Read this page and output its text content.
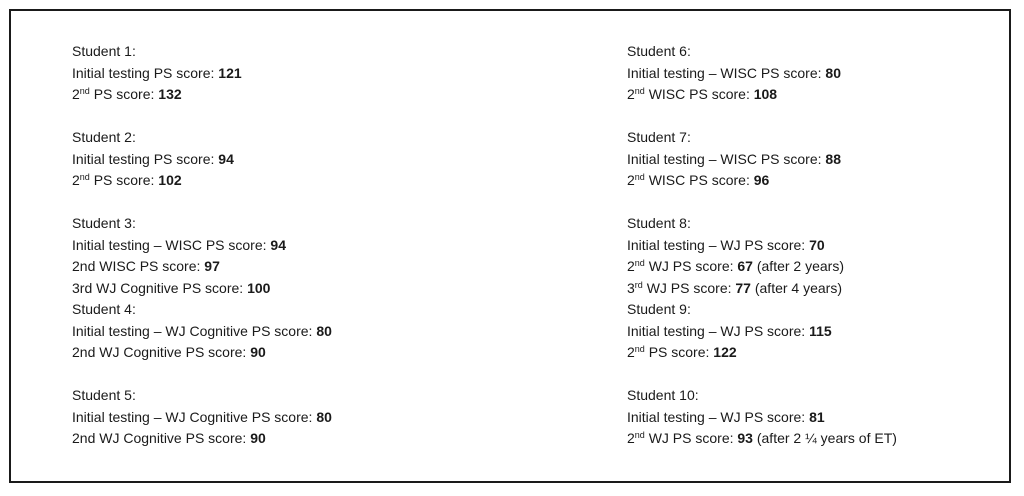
Student 1:
Initial testing PS score: 121
2nd PS score: 132
Student 2:
Initial testing PS score: 94
2nd PS score: 102
Student 3:
Initial testing – WISC PS score: 94
2nd WISC PS score: 97
3rd WJ Cognitive PS score: 100
Student 4:
Initial testing – WJ Cognitive PS score: 80
2nd WJ Cognitive PS score: 90
Student 5:
Initial testing – WJ Cognitive PS score: 80
2nd WJ Cognitive PS score: 90
Student 6:
Initial testing – WISC PS score: 80
2nd WISC PS score: 108
Student 7:
Initial testing – WISC PS score: 88
2nd WISC PS score: 96
Student 8:
Initial testing – WJ PS score: 70
2nd WJ PS score: 67 (after 2 years)
3rd WJ PS score: 77 (after 4 years)
Student 9:
Initial testing – WJ PS score: 115
2nd PS score: 122
Student 10:
Initial testing – WJ PS score: 81
2nd WJ PS score: 93 (after 2 ¼ years of ET)
